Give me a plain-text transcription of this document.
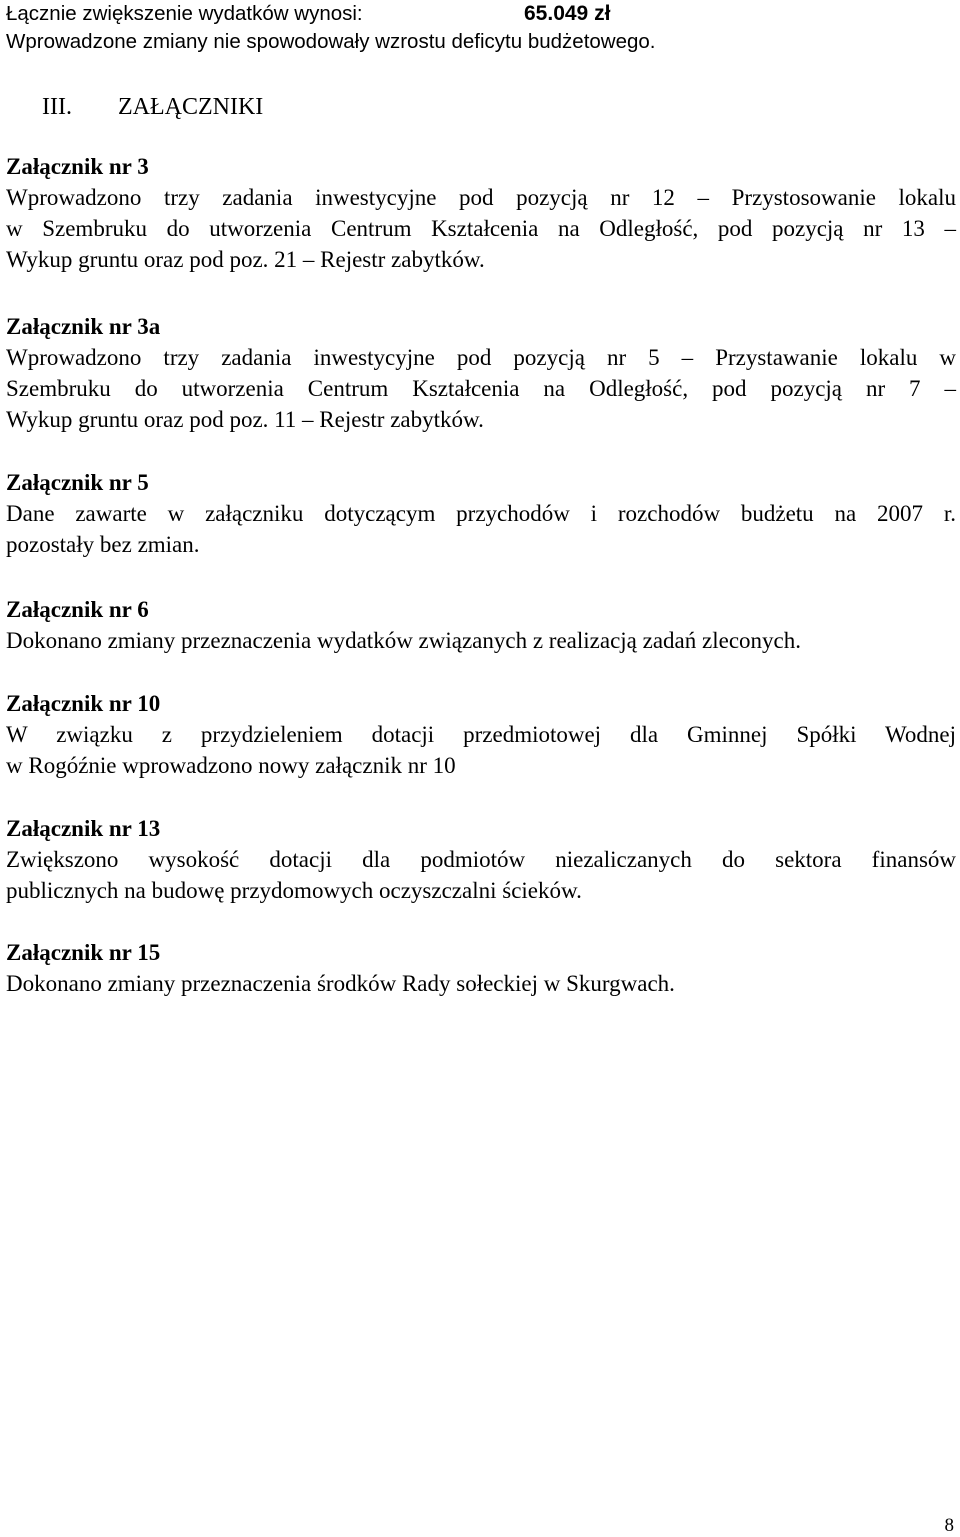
Łącznie zwiększenie wydatków wynosi:	65.049 zł
Wprowadzone zmiany nie spowodowały wzrostu deficytu budżetowego.
III. ZAŁĄCZNIKI
Załącznik nr 3
Wprowadzono trzy zadania inwestycyjne pod pozycją nr 12 – Przystosowanie lokalu
w Szembruku do utworzenia Centrum Kształcenia na Odległość, pod pozycją nr 13 –
Wykup gruntu oraz pod poz. 21 – Rejestr zabytków.
Załącznik nr 3a
Wprowadzono trzy zadania inwestycyjne pod pozycją nr 5 – Przystawanie lokalu w
Szembruku do utworzenia Centrum Kształcenia na Odległość, pod pozycją nr 7 –
Wykup gruntu oraz pod poz. 11 – Rejestr zabytków.
Załącznik nr 5
Dane zawarte w załączniku dotyczącym przychodów i rozchodów budżetu na 2007 r.
pozostały bez zmian.
Załącznik nr 6
Dokonano zmiany przeznaczenia wydatków związanych z realizacją zadań zleconych.
Załącznik nr 10
W związku z przydzieleniem dotacji przedmiotowej dla Gminnej Spółki Wodnej
w Rogóźnie wprowadzono nowy załącznik nr 10
Załącznik nr 13
Zwiększono wysokość dotacji dla podmiotów niezaliczanych do sektora finansów
publicznych na budowę przydomowych oczyszczalni ścieków.
Załącznik nr 15
Dokonano zmiany przeznaczenia środków Rady sołeckiej w Skurgwach.
8
